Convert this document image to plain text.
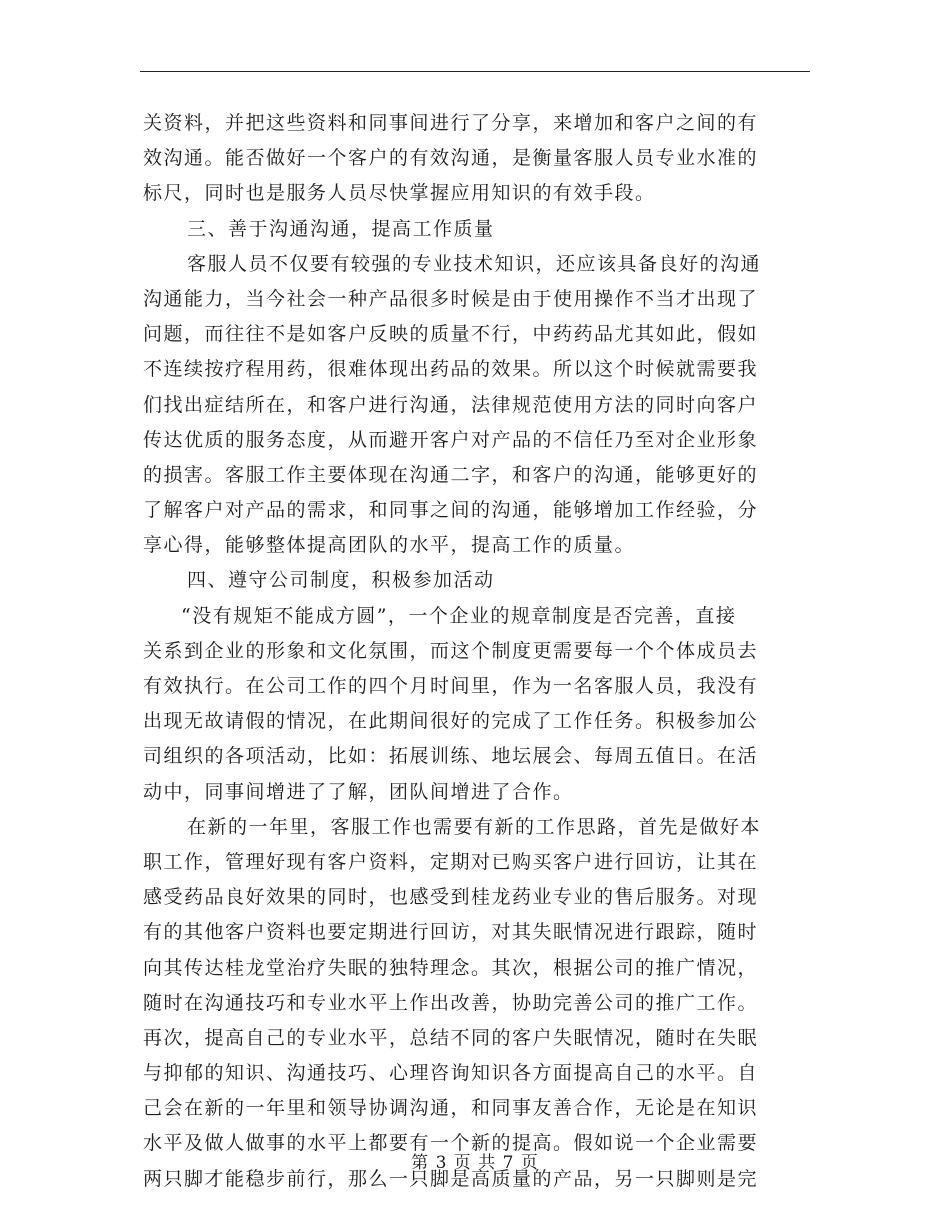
关资料，并把这些资料和同事间进行了分享，来增加和客户之间的有
效沟通。能否做好一个客户的有效沟通，是衡量客服人员专业水准的
标尺，同时也是服务人员尽快掌握应用知识的有效手段。
三、善于沟通沟通，提高工作质量
客服人员不仅要有较强的专业技术知识，还应该具备良好的沟通
沟通能力，当今社会一种产品很多时候是由于使用操作不当才出现了
问题，而往往不是如客户反映的质量不行，中药药品尤其如此，假如
不连续按疗程用药，很难体现出药品的效果。所以这个时候就需要我
们找出症结所在，和客户进行沟通，法律规范使用方法的同时向客户
传达优质的服务态度，从而避开客户对产品的不信任乃至对企业形象
的损害。客服工作主要体现在沟通二字，和客户的沟通，能够更好的
了解客户对产品的需求，和同事之间的沟通，能够增加工作经验，分
享心得，能够整体提高团队的水平，提高工作的质量。
四、遵守公司制度，积极参加活动
“没有规矩不能成方圆”，一个企业的规章制度是否完善，直接
关系到企业的形象和文化氛围，而这个制度更需要每一个个体成员去
有效执行。在公司工作的四个月时间里，作为一名客服人员，我没有
出现无故请假的情况，在此期间很好的完成了工作任务。积极参加公
司组织的各项活动，比如：拓展训练、地坛展会、每周五值日。在活
动中，同事间增进了了解，团队间增进了合作。
在新的一年里，客服工作也需要有新的工作思路，首先是做好本
职工作，管理好现有客户资料，定期对已购买客户进行回访，让其在
感受药品良好效果的同时，也感受到桂龙药业专业的售后服务。对现
有的其他客户资料也要定期进行回访，对其失眠情况进行跟踪，随时
向其传达桂龙堂治疗失眠的独特理念。其次，根据公司的推广情况，
随时在沟通技巧和专业水平上作出改善，协助完善公司的推广工作。
再次，提高自己的专业水平，总结不同的客户失眠情况，随时在失眠
与抑郁的知识、沟通技巧、心理咨询知识各方面提高自己的水平。自
己会在新的一年里和领导协调沟通，和同事友善合作，无论是在知识
水平及做人做事的水平上都要有一个新的提高。假如说一个企业需要
两只脚才能稳步前行，那么一只脚是高质量的产品，另一只脚则是完
第 3 页 共 7 页
